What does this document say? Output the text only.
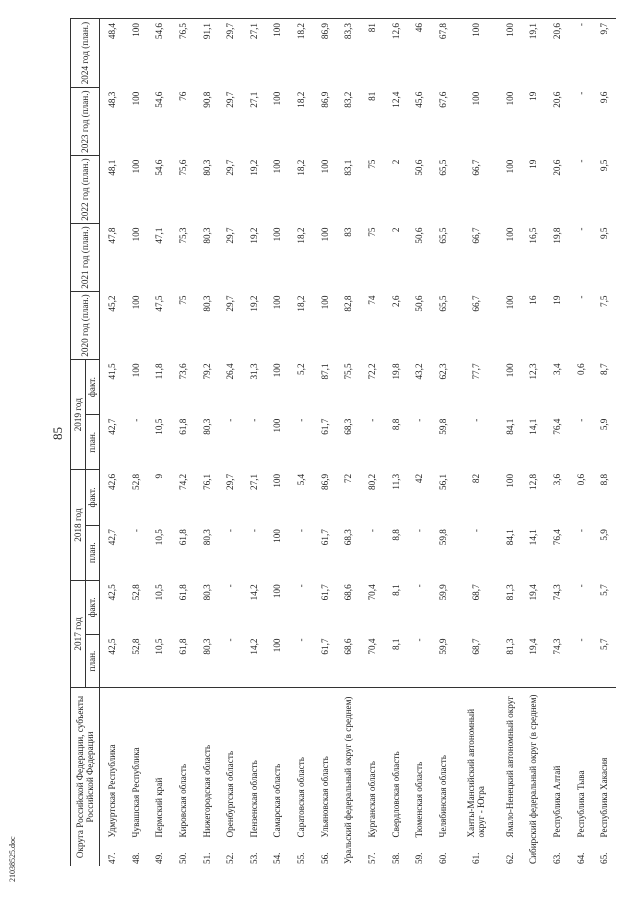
85
21038525.doc
Округа Российской Федерации, субъекты Российской Федерации		2017 год		2018 год		2019 год		2020 год (план.)	2021 год (план.)	2022 год (план.)	2023 год (план.)	2024 год (план.)
		план.	факт.	план.	факт.	план.	факт.					
47.	Удмуртская Республика	42,5	42,5	42,7	42,6	42,7	41,5	45,2	47,8	48,1	48,3	48,4
48.	Чувашская Республика	52,8	52,8	-	52,8	-	100	100	100	100	100	100
49.	Пермский край	10,5	10,5	10,5	9	10,5	11,8	47,5	47,1	54,6	54,6	54,6
50.	Кировская область	61,8	61,8	61,8	74,2	61,8	73,6	75	75,3	75,6	76	76,5
51.	Нижегородская область	80,3	80,3	80,3	76,1	80,3	79,2	80,3	80,3	80,3	90,8	91,1
52.	Оренбургская область	-	-	-	29,7	-	26,4	29,7	29,7	29,7	29,7	29,7
53.	Пензенская область	14,2	14,2	-	27,1	-	31,3	19,2	19,2	19,2	27,1	27,1
54.	Самарская область	100	100	100	100	100	100	100	100	100	100	100
55.	Саратовская область	-	-	-	5,4	-	5,2	18,2	18,2	18,2	18,2	18,2
56.	Ульяновская область	61,7	61,7	61,7	86,9	61,7	87,1	100	100	100	86,9	86,9
Уральский федеральный округ (в среднем)		68,6	68,6	68,3	72	68,3	75,5	82,8	83	83,1	83,2	83,3
57.	Курганская область	70,4	70,4	-	80,2	-	72,2	74	75	75	81	81
58.	Свердловская область	8,1	8,1	8,8	11,3	8,8	19,8	2,6	2	2	12,4	12,6
59.	Тюменская область	-	-	-	42	-	43,2	50,6	50,6	50,6	45,6	46
60.	Челябинская область	59,9	59,9	59,8	56,1	59,8	62,3	65,5	65,5	65,5	67,6	67,8
61.	Ханты-Мансийский автономный округ - Югра	68,7	68,7	-	82	-	77,7	66,7	66,7	66,7	100	100
62.	Ямало-Ненецкий автономный округ	81,3	81,3	84,1	100	84,1	100	100	100	100	100	100
Сибирский федеральный округ (в среднем)		19,4	19,4	14,1	12,8	14,1	12,3	16	16,5	19	19	19,1
63.	Республика Алтай	74,3	74,3	76,4	3,6	76,4	3,4	19	19,8	20,6	20,6	20,6
64.	Республика Тыва	-	-	-	0,6	-	0,6	-	-	-	-	-
65.	Республика Хакасия	5,7	5,7	5,9	8,8	5,9	8,7	7,5	9,5	9,5	9,6	9,7
